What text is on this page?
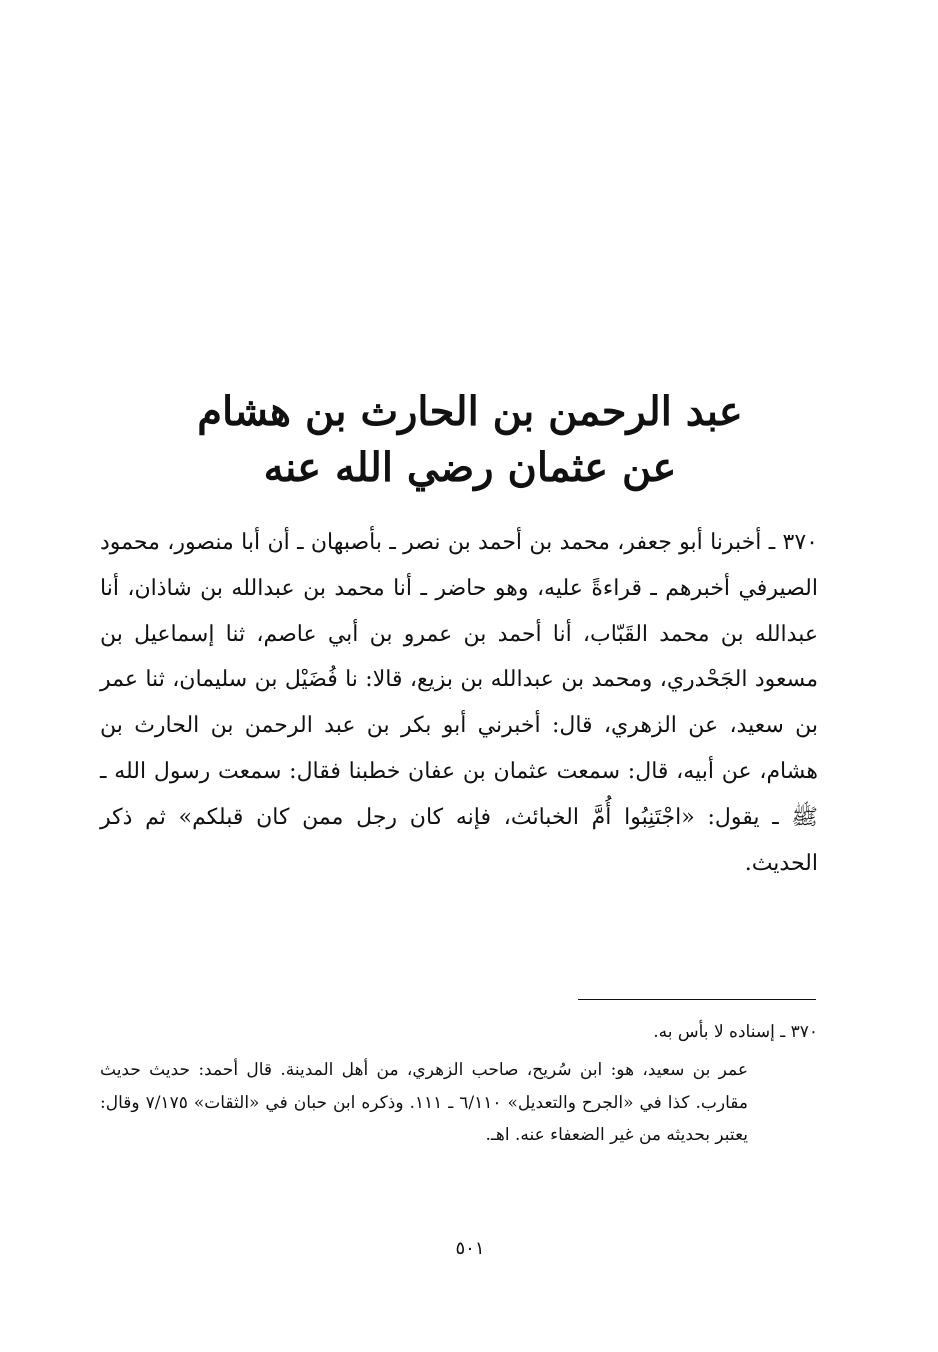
عبد الرحمن بن الحارث بن هشام
عن عثمان رضي الله عنه
٣٧٠ ـ أخبرنا أبو جعفر، محمد بن أحمد بن نصر ـ بأصبهان ـ أن أبا منصور، محمود الصيرفي أخبرهم ـ قراءةً عليه، وهو حاضر ـ أنا محمد بن عبدالله بن شاذان، أنا عبدالله بن محمد القَبّاب، أنا أحمد بن عمرو بن أبي عاصم، ثنا إسماعيل بن مسعود الجَحْدري، ومحمد بن عبدالله بن بزيع، قالا: نا فُضَيْل بن سليمان، ثنا عمر بن سعيد، عن الزهري، قال: أخبرني أبو بكر بن عبد الرحمن بن الحارث بن هشام، عن أبيه، قال: سمعت عثمان بن عفان خطبنا فقال: سمعت رسول الله ـ ﷺ ـ يقول: «اجْتَنِبُوا أُمَّ الخبائث، فإنه كان رجل ممن كان قبلكم» ثم ذكر الحديث.
٣٧٠ ـ إسناده لا بأس به.
عمر بن سعيد، هو: ابن سُريح، صاحب الزهري، من أهل المدينة. قال أحمد: حديث حديث مقارب. كذا في «الجرح والتعديل» ٦/١١٠ ـ ١١١. وذكره ابن حبان في «الثقات» ٧/١٧٥ وقال: يعتبر بحديثه من غير الضعفاء عنه. اهـ.
٥٠١
